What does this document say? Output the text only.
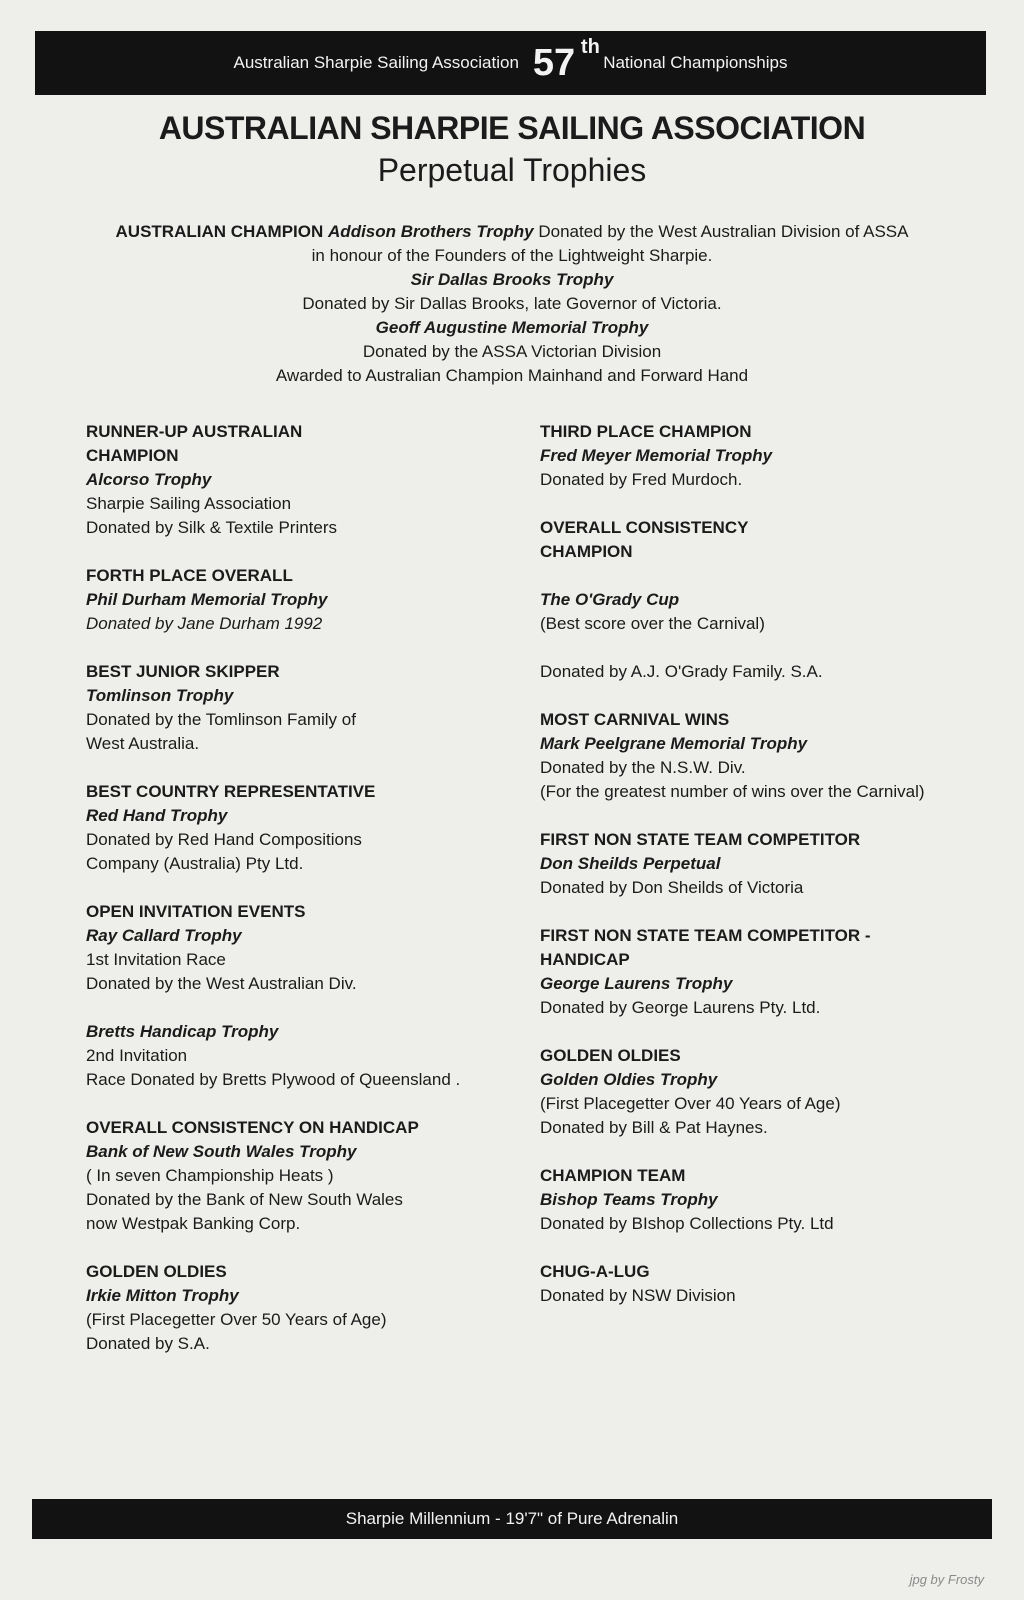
Australian Sharpie Sailing Association 57 th
National Championships
AUSTRALIAN SHARPIE SAILING ASSOCIATION
Perpetual Trophies

AUSTRALIAN CHAMPION Addison Brothers Trophy Donated by the West Australian Division of ASSA

in honour of the Founders of the Lightweight Sharpie.

Sir Dallas Brooks Trophy

Donated by Sir Dallas Brooks, late Governor of Victoria.

Geoff Augustine Memorial Trophy

Donated by the ASSA Victorian Division

Awarded to Australian Champion Mainhand and Forward Hand

RUNNER-UP AUSTRALIAN
CHAMPION
Alcorso Trophy
Sharpie Sailing Association
Donated by Silk & Textile Printers
FORTH PLACE OVERALL
Phil Durham Memorial Trophy
Donated by Jane Durham 1992
BEST JUNIOR SKIPPER
Tomlinson Trophy
Donated by the Tomlinson Family of
West Australia.
BEST COUNTRY REPRESENTATIVE
Red Hand Trophy
Donated by Red Hand Compositions
Company (Australia) Pty Ltd.
OPEN INVITATION EVENTS
Ray Callard Trophy
1st Invitation Race
Donated by the West Australian Div.
Bretts Handicap Trophy
2nd Invitation
Race Donated by Bretts Plywood of Queensland .
OVERALL CONSISTENCY ON HANDICAP
Bank of New South Wales Trophy
( In seven Championship Heats )
Donated by the Bank of New South Wales
now Westpak Banking Corp.
GOLDEN OLDIES
Irkie Mitton Trophy
(First Placegetter Over 50 Years of Age)
Donated by S.A.
THIRD PLACE CHAMPION
Fred Meyer Memorial Trophy
Donated by Fred Murdoch.
OVERALL CONSISTENCY
CHAMPION
The O'Grady Cup
(Best score over the Carnival)
Donated by A.J. O'Grady Family. S.A.
MOST CARNIVAL WINS
Mark Peelgrane Memorial Trophy
Donated by the N.S.W. Div.
(For the greatest number of wins over the Carnival)
FIRST NON STATE TEAM COMPETITOR
Don Sheilds Perpetual
Donated by Don Sheilds of Victoria
FIRST NON STATE TEAM COMPETITOR -
HANDICAP
George Laurens Trophy
Donated by George Laurens Pty. Ltd.
GOLDEN OLDIES
Golden Oldies Trophy
(First Placegetter Over 40 Years of Age)
Donated by Bill & Pat Haynes.
CHAMPION TEAM
Bishop Teams Trophy
Donated by BIshop Collections Pty. Ltd
CHUG-A-LUG
Donated by NSW Division
Sharpie Millennium - 19'7" of Pure Adrenalin
jpg by Frosty
